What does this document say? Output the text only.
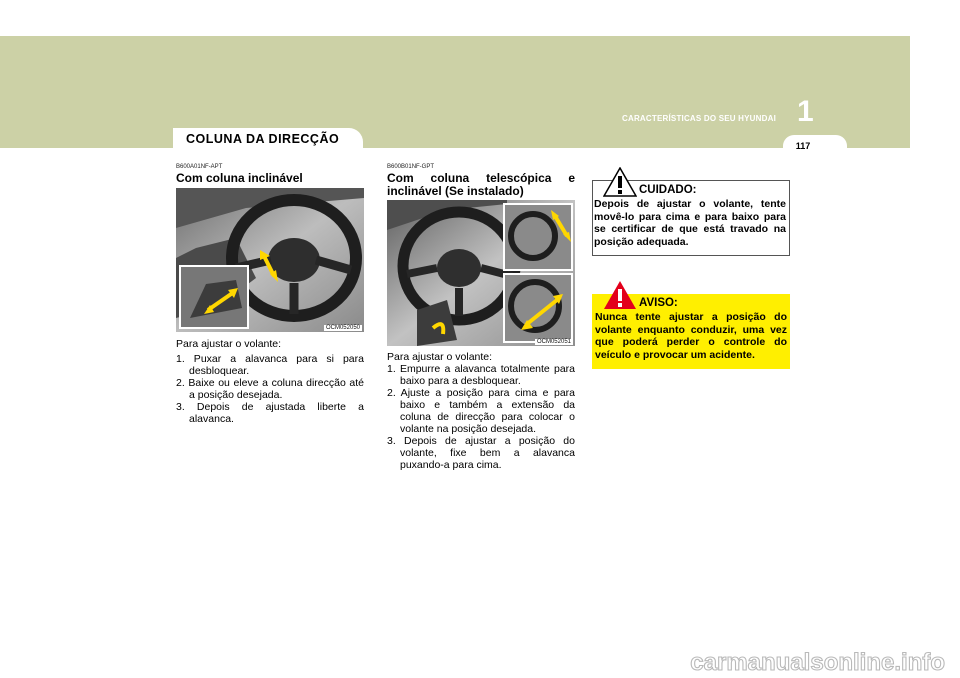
CARACTERÍSTICAS DO SEU HYUNDAI 1
117
COLUNA DA DIRECÇÃO
B600A01NF-APT
Com coluna inclinável
OCM052050
Para ajustar o volante:
1. Puxar a alavanca para si para desbloquear.
2. Baixe ou eleve a coluna direcção até a posição desejada.
3. Depois de ajustada liberte a alavanca.
B600B01NF-GPT
Com coluna telescópica e inclinável (Se instalado)
OCM052051
Para ajustar o volante:
1. Empurre a alavanca totalmente para baixo para a desbloquear.
2. Ajuste a posição para cima e para baixo e também a extensão da coluna de direcção para colocar o volante na posição desejada.
3. Depois de ajustar a posição do volante, fixe bem a alavanca puxando-a para cima.
CUIDADO:
Depois de ajustar o volante, tente movê-lo para cima e para baixo para se certificar de que está travado na posição adequada.
AVISO:
Nunca tente ajustar a posição do volante enquanto conduzir, uma vez que poderá perder o controle do veículo e provocar um acidente.
carmanualsonline.info
